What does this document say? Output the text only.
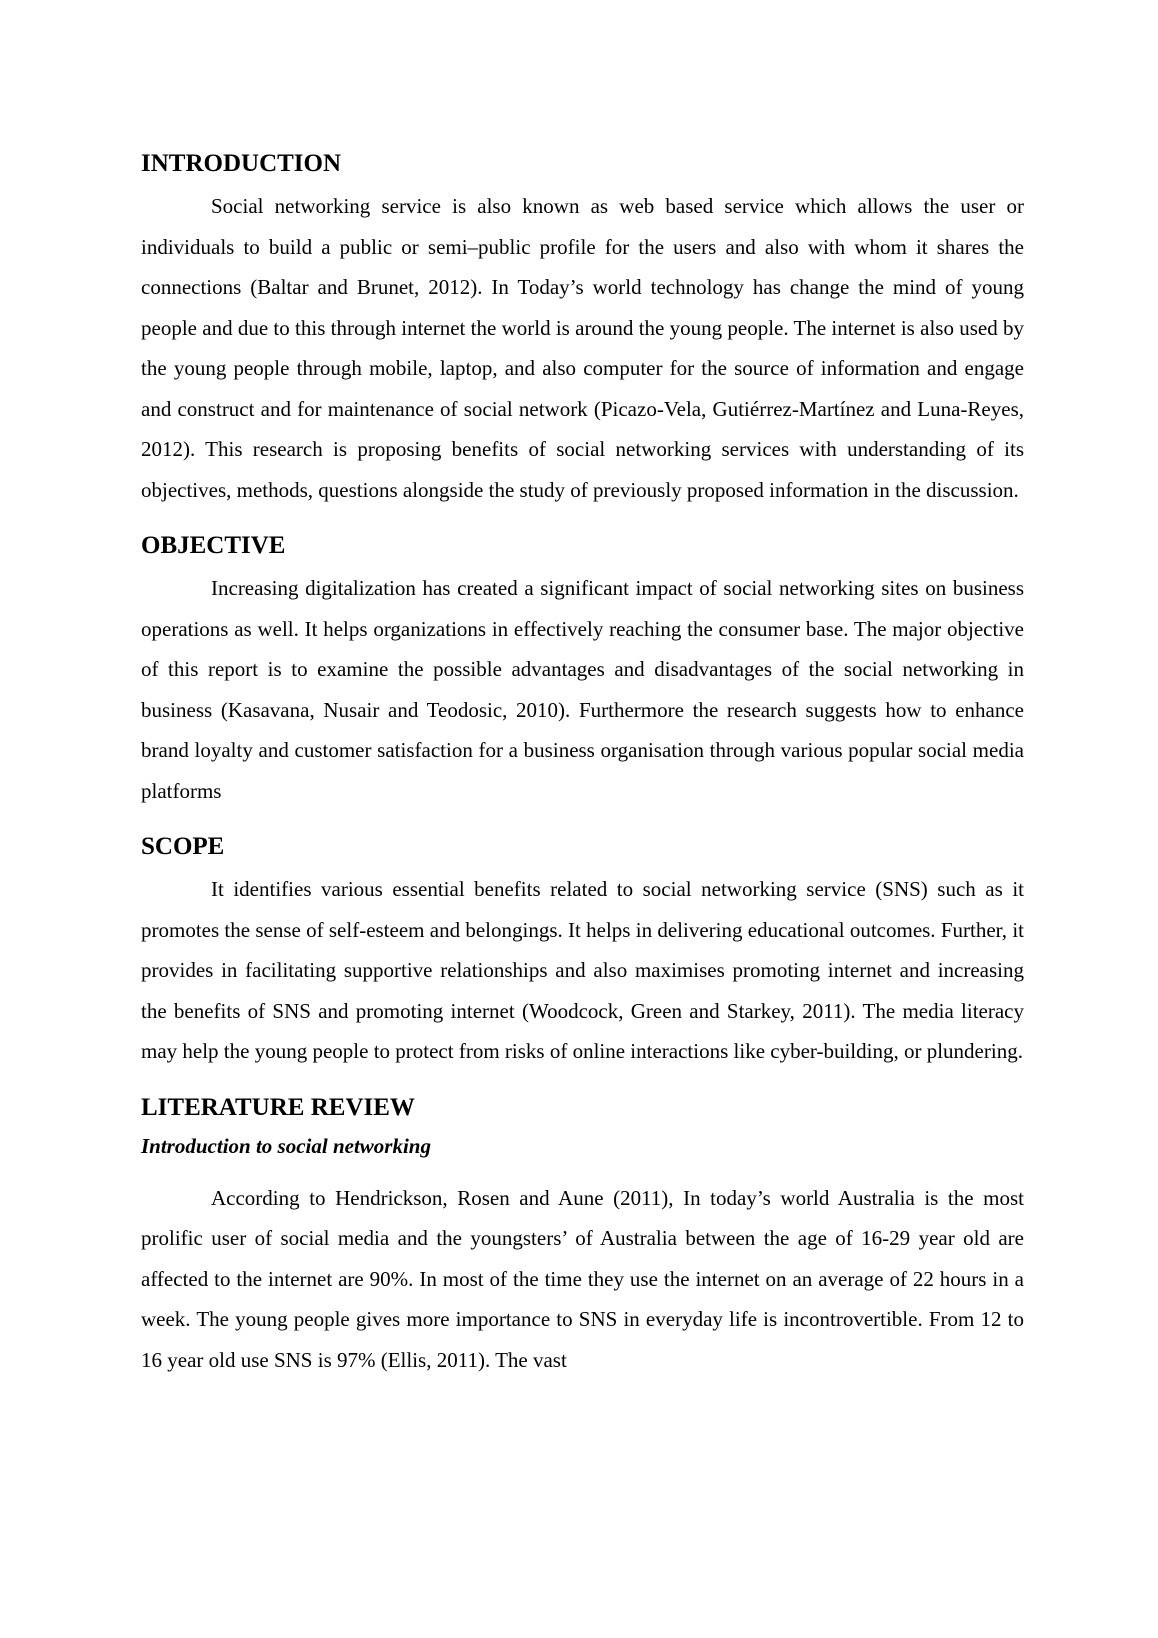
INTRODUCTION

Social networking service is also known as web based service which allows the user or individuals to build a public or semi–public profile for the users and also with whom it shares the connections (Baltar and Brunet, 2012). In Today’s world technology has change the mind of young people and due to this through internet the world is around the young people. The internet is also used by the young people through mobile, laptop, and also computer for the source of information and engage and construct and for maintenance of social network (Picazo-Vela, Gutiérrez-Martínez and Luna-Reyes, 2012). This research is proposing benefits of social networking services with understanding of its objectives, methods, questions alongside the study of previously proposed information in the discussion.

OBJECTIVE

Increasing digitalization has created a significant impact of social networking sites on business operations as well. It helps organizations in effectively reaching the consumer base. The major objective of this report is to examine the possible advantages and disadvantages of the social networking in business (Kasavana, Nusair and Teodosic, 2010). Furthermore the research suggests how to enhance brand loyalty and customer satisfaction for a business organisation through various popular social media platforms

SCOPE

It identifies various essential benefits related to social networking service (SNS) such as it promotes the sense of self-esteem and belongings. It helps in delivering educational outcomes. Further, it provides in facilitating supportive relationships and also maximises promoting internet and increasing the benefits of SNS and promoting internet (Woodcock, Green and Starkey, 2011). The media literacy may help the young people to protect from risks of online interactions like cyber-building, or plundering.

LITERATURE REVIEW
Introduction to social networking

According to Hendrickson, Rosen and Aune (2011), In today’s world Australia is the most prolific user of social media and the youngsters’ of Australia between the age of 16-29 year old are affected to the internet are 90%. In most of the time they use the internet on an average of 22 hours in a week. The young people gives more importance to SNS in everyday life is incontrovertible. From 12 to 16 year old use SNS is 97% (Ellis, 2011). The vast
